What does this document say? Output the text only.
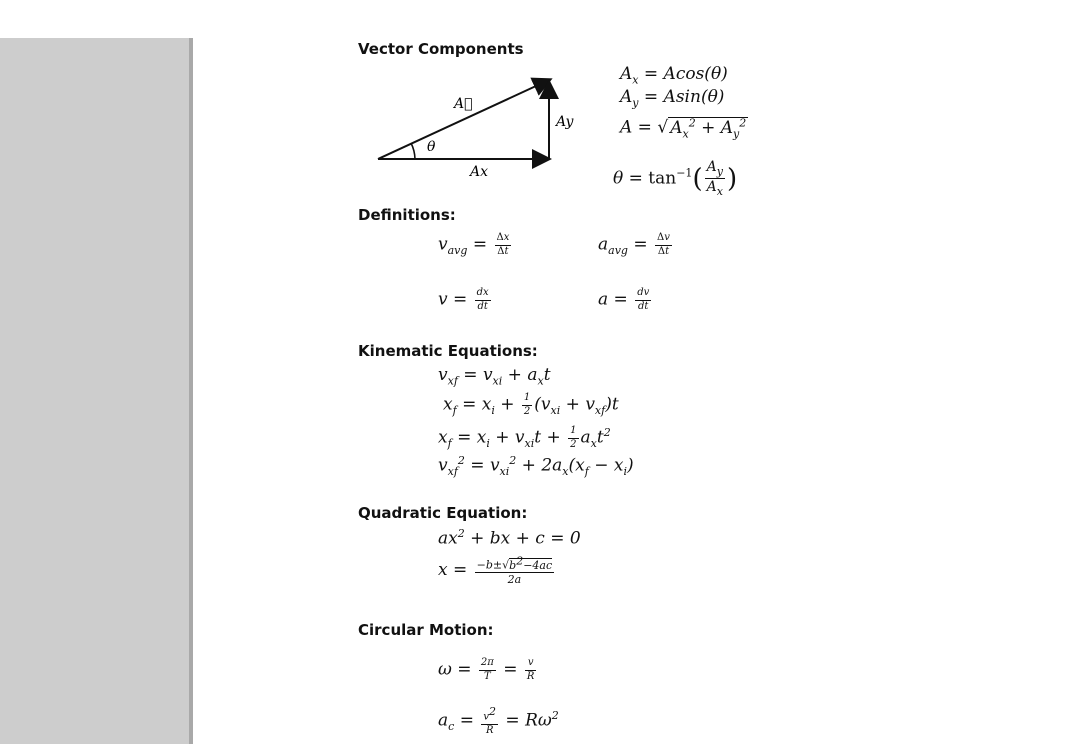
Vector Components
A⃗
Ax
Ay
θ
$A_x = Acos(\theta)$
$A_y = Asin(\theta)$
A = √ $A_x^2 + A_y^2$
$\theta = \tan^{-1}( \frac{A_y}{A_x}$ )
Definitions:
$v_{avg} = \frac{\Delta x}{\Delta t}$	$a_{avg} = \frac{\Delta v}{\Delta t}$
$v = \frac{dx}{dt}$	$a = \frac{dv}{dt}$
Kinematic Equations:
$v_{xf} = v_{xi} + a_xt$
$x_f = x_i + \frac{1}{2} (v_{xi} + v_{xf})t$
$x_f = x_i + v_{xi}t + \frac{1}{2} a_xt^2$
$v_{xf}^2 = v_{xi}^2 + 2a_x(x_f - x_i)$
Quadratic Equation:
$ax^2$ + bx + c = 0
$x = \frac{-b\pm√b^2-4ac}{2a}$
Circular Motion:
$\omega = \frac{2\pi}{T} = \frac{v}{R}$
$a_c = \frac{v^2}{R} = R\omega^2$
